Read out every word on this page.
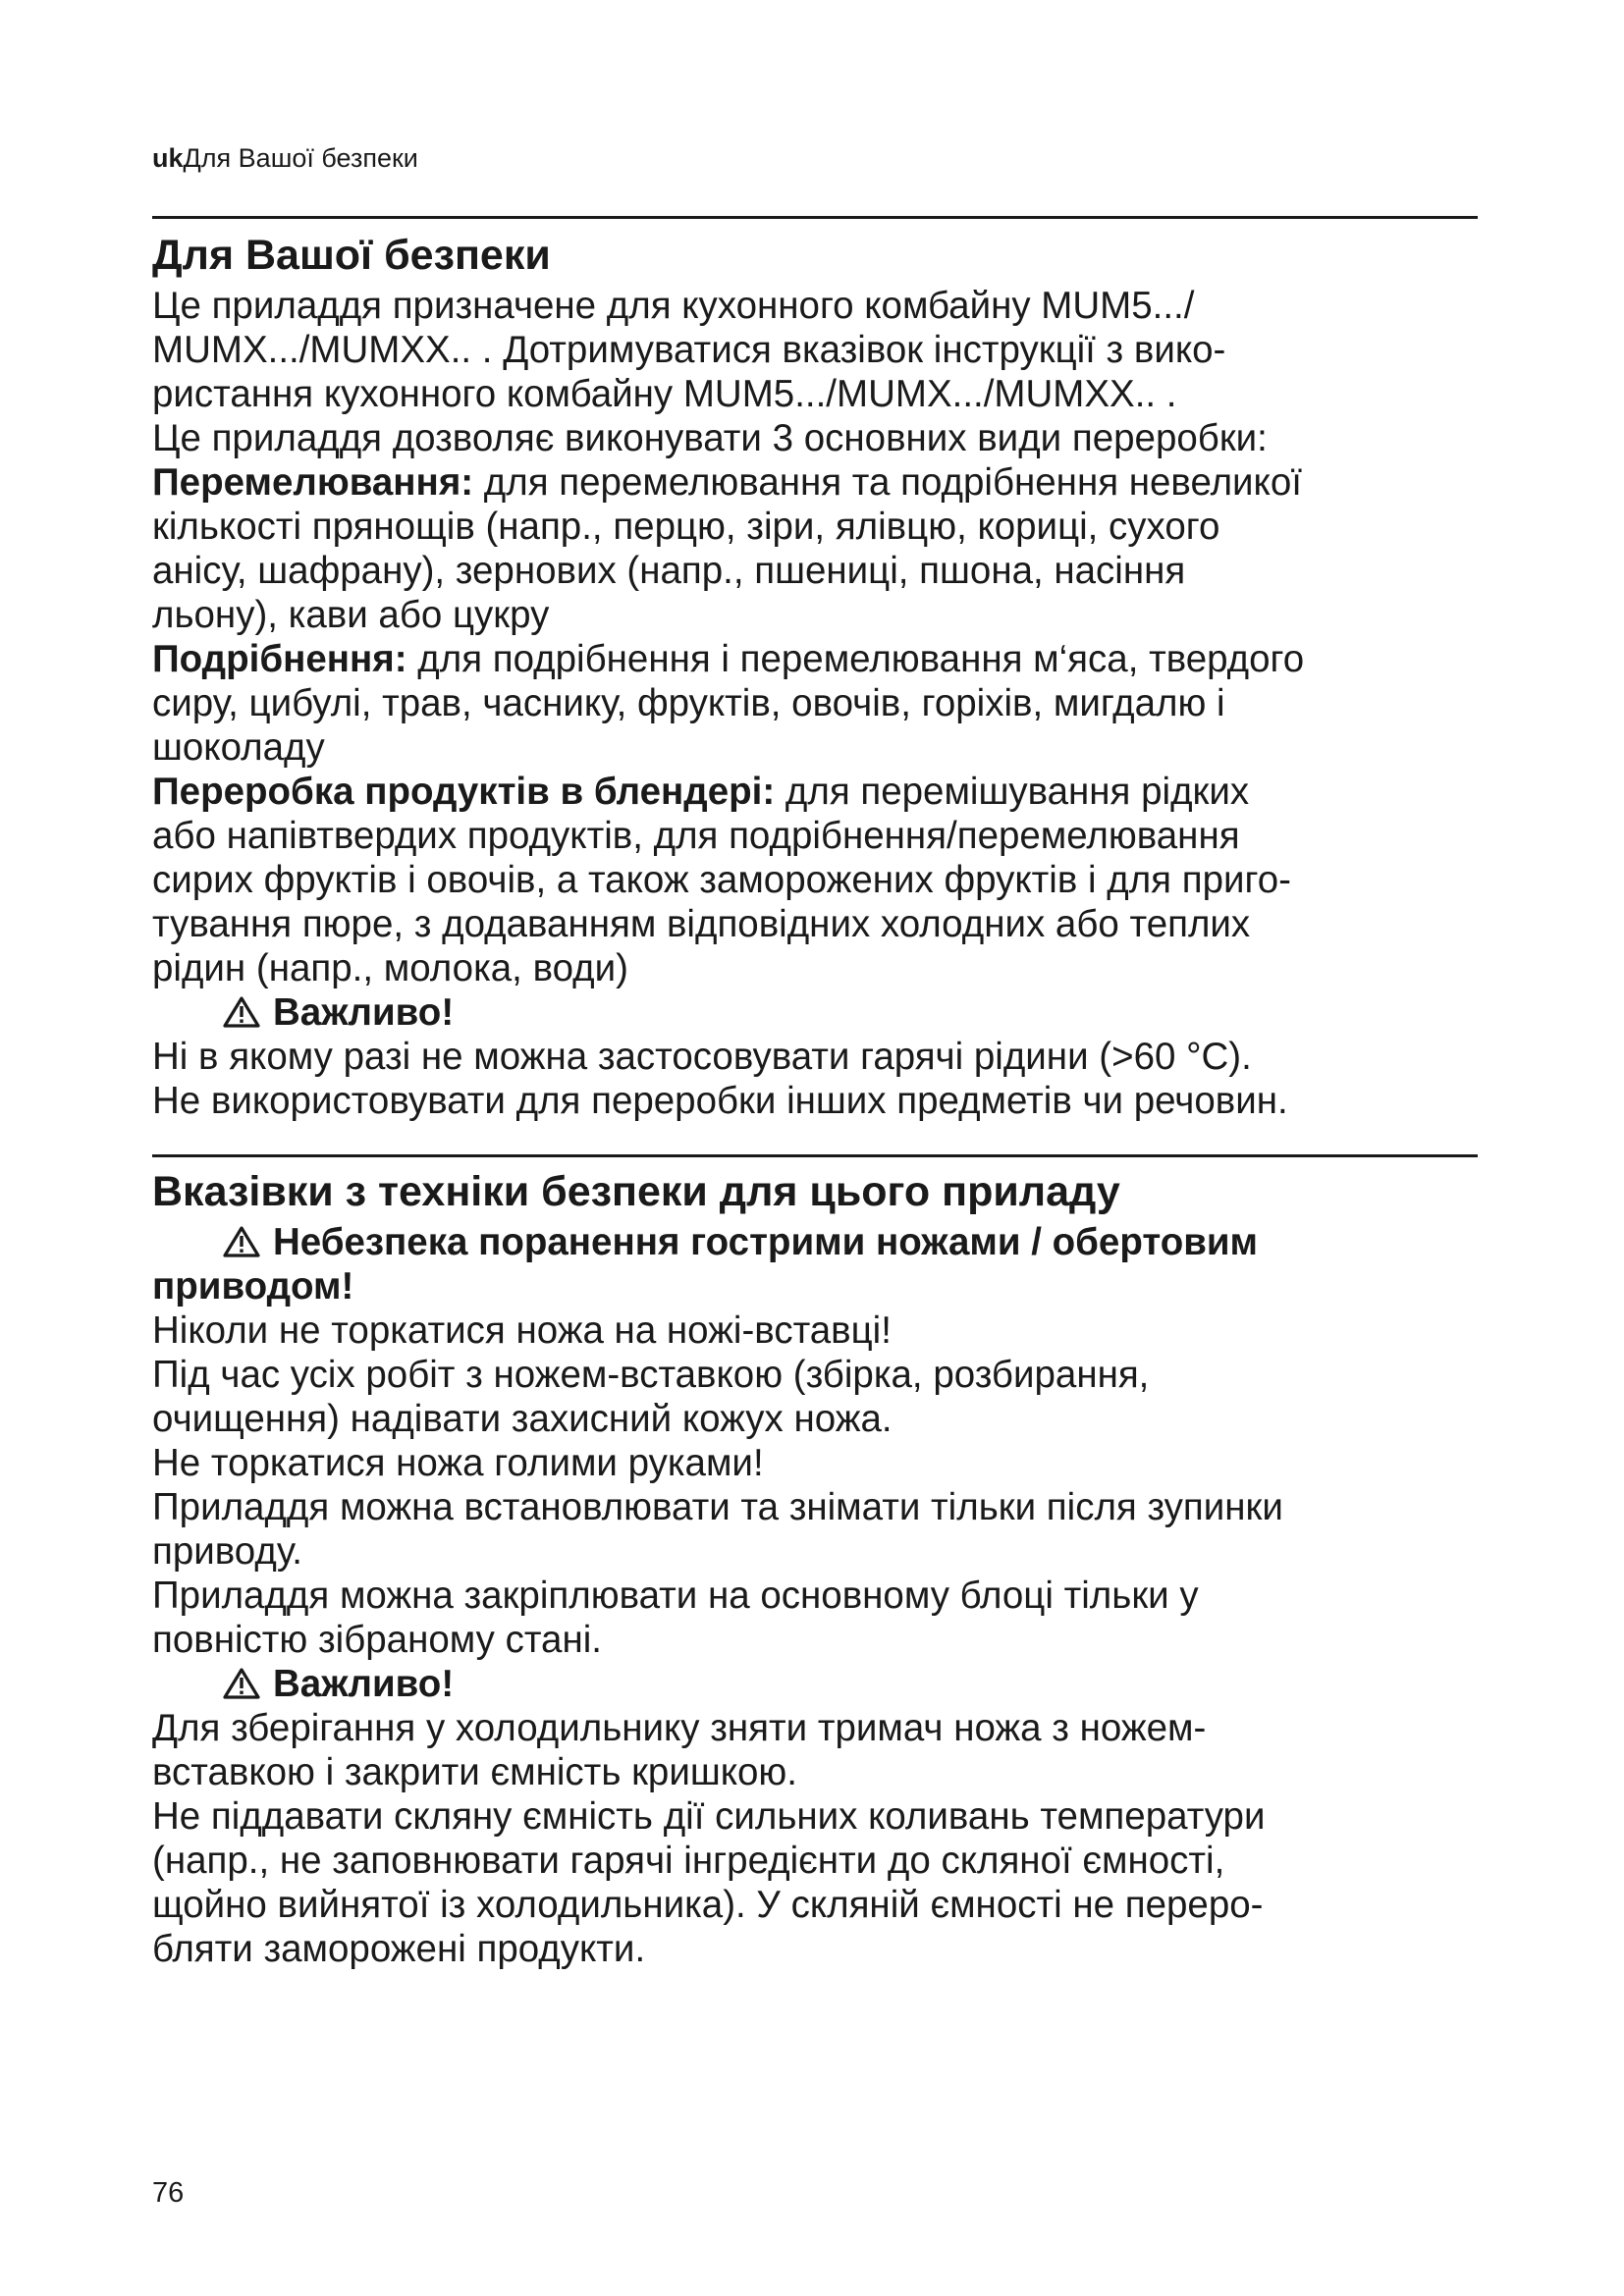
ukДля Вашої безпеки
Для Вашої безпеки
Це приладдя призначене для кухонного комбайну MUM5.../
MUMX.../MUMXX.. . Дотримуватися вказівок інструкції з вико-
ристання кухонного комбайну MUM5.../MUMX.../MUMXX.. .
Це приладдя дозволяє виконувати 3 основних види переробки:
Перемелювання: для перемелювання та подрібнення невеликої
кількості прянощів (напр., перцю, зіри, ялівцю, кориці, сухого
анісу, шафрану), зернових (напр., пшениці, пшона, насіння
льону), кави або цукру
Подрібнення: для подрібнення і перемелювання м‘яса, твердого
сиру, цибулі, трав, часнику, фруктів, овочів, горіхів, мигдалю і
шоколаду
Переробка продуктів в блендері: для перемішування рідких
або напівтвердих продуктів, для подрібнення/перемелювання
сирих фруктів і овочів, а також заморожених фруктів і для приго-
тування пюре, з додаванням відповідних холодних або теплих
рідин (напр., молока, води)
Важливо!
Ні в якому разі не можна застосовувати гарячі рідини (>60 °C).
Не використовувати для переробки інших предметів чи речовин.
Вказівки з техніки безпеки для цього приладу
Небезпека поранення гострими ножами / обертовим
приводом!
Ніколи не торкатися ножа на ножі-вставці!
Під час усіх робіт з ножем-вставкою (збірка, розбирання,
очищення) надівати захисний кожух ножа.
Не торкатися ножа голими руками!
Приладдя можна встановлювати та знімати тільки після зупинки
приводу.
Приладдя можна закріплювати на основному блоці тільки у
повністю зібраному стані.
Важливо!
Для зберігання у холодильнику зняти тримач ножа з ножем-
вставкою і закрити ємність кришкою.
Не піддавати скляну ємність дії сильних коливань температури
(напр., не заповнювати гарячі інгредієнти до скляної ємності,
щойно вийнятої із холодильника). У скляній ємності не переро-
бляти заморожені продукти.
76
